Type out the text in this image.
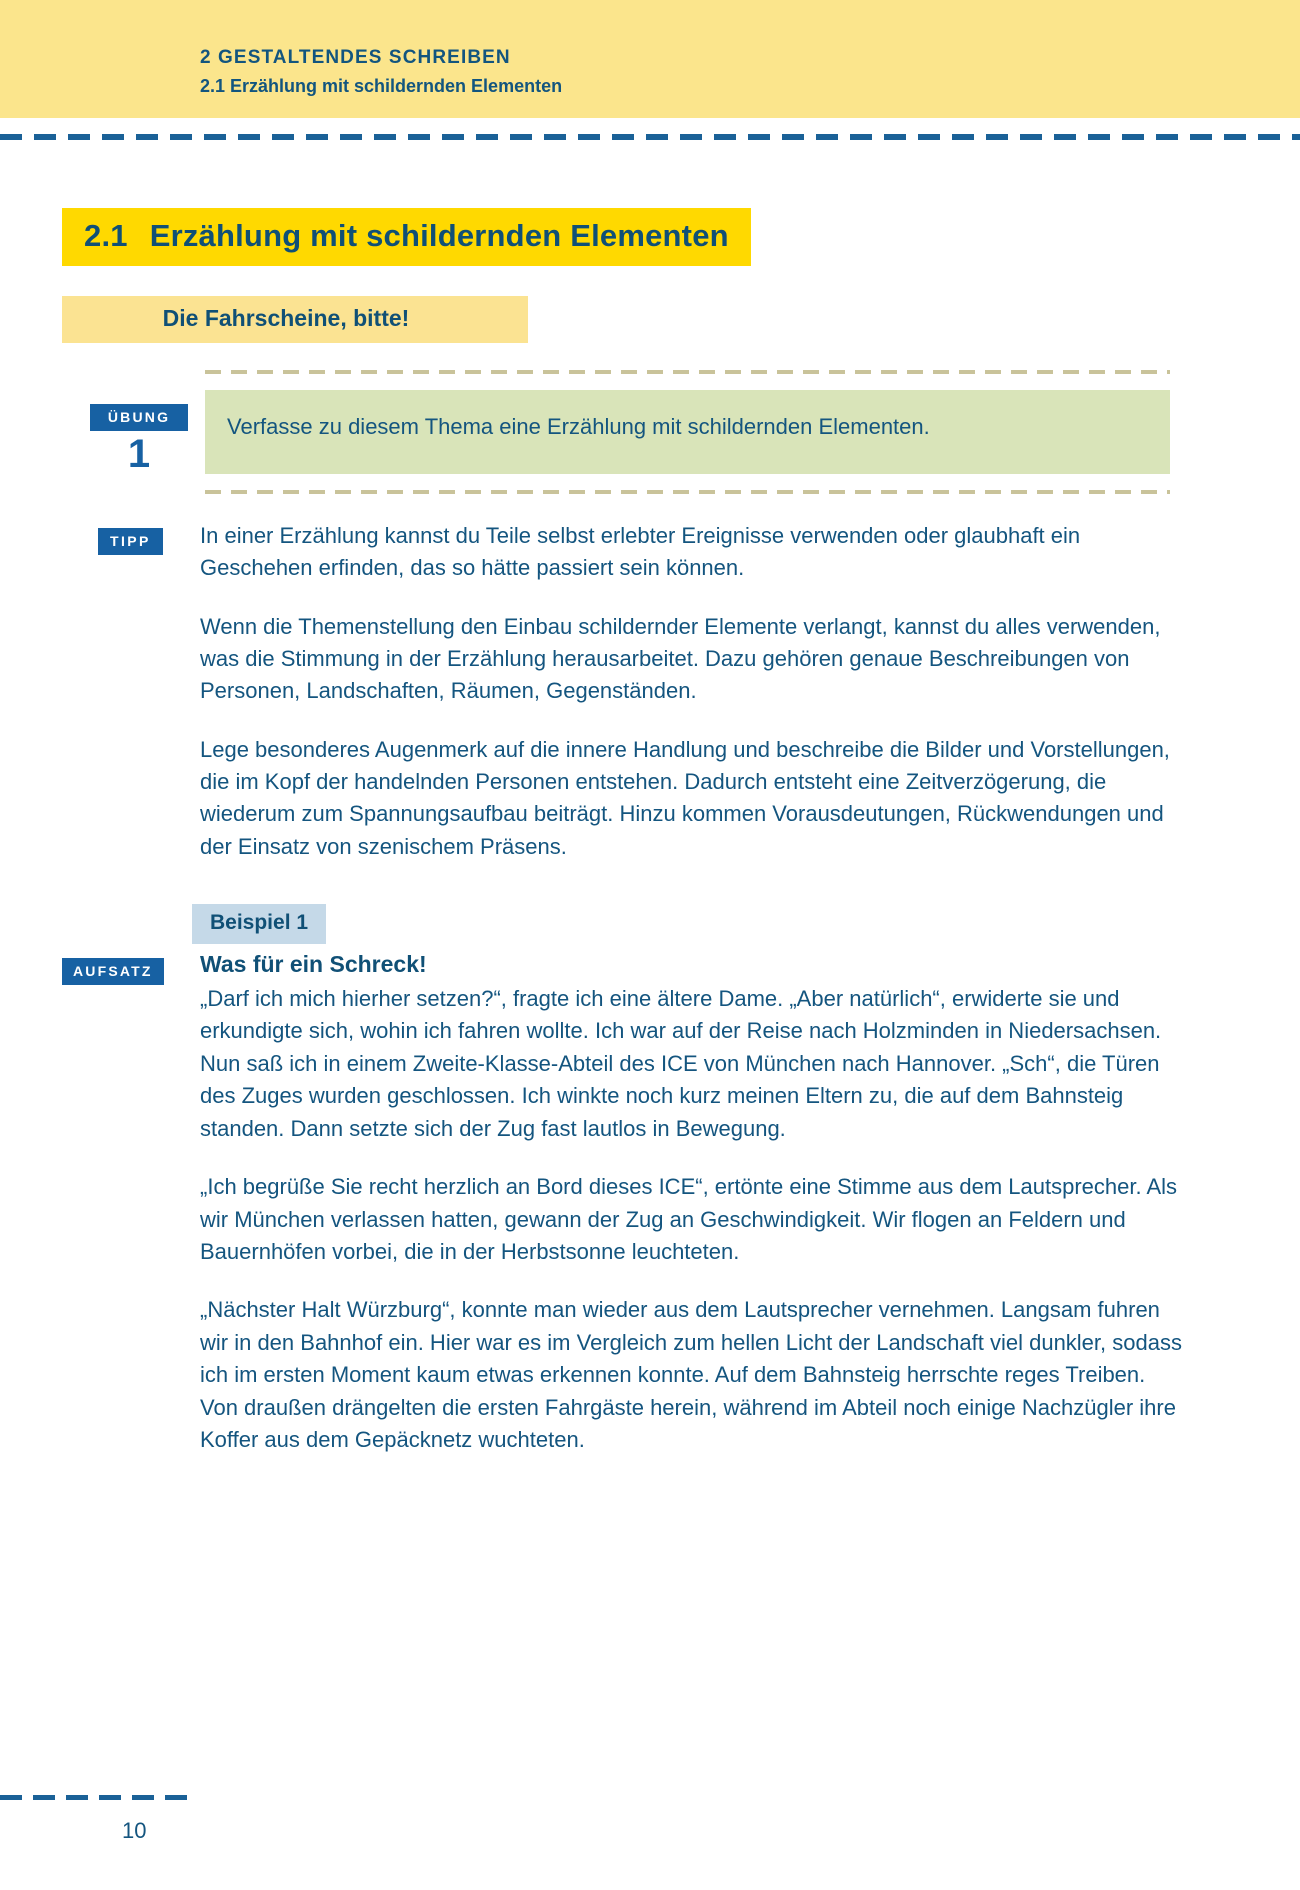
2 GESTALTENDES SCHREIBEN
2.1 Erzählung mit schildernden Elementen
2.1 Erzählung mit schildernden Elementen
Die Fahrscheine, bitte!
ÜBUNG
1
Verfasse zu diesem Thema eine Erzählung mit schildernden Elementen.
TIPP	In einer Erzählung kannst du Teile selbst erlebter Ereignisse verwenden oder glaubhaft ein Geschehen erfinden, das so hätte passiert sein können.

Wenn die Themenstellung den Einbau schildernder Elemente verlangt, kannst du alles verwenden, was die Stimmung in der Erzählung herausarbeitet. Dazu gehören genaue Beschreibungen von Personen, Landschaften, Räumen, Gegenständen.

Lege besonderes Augenmerk auf die innere Handlung und beschreibe die Bilder und Vorstellungen, die im Kopf der handelnden Personen entstehen. Dadurch entsteht eine Zeitverzögerung, die wiederum zum Spannungsaufbau beiträgt. Hinzu kommen Vorausdeutungen, Rückwendungen und der Einsatz von szenischem Präsens.

Beispiel 1
AUFSATZ	Was für ein Schreck!

„Darf ich mich hierher setzen?“, fragte ich eine ältere Dame. „Aber natürlich“, erwiderte sie und erkundigte sich, wohin ich fahren wollte. Ich war auf der Reise nach Holzminden in Niedersachsen. Nun saß ich in einem Zweite-Klasse-Abteil des ICE von München nach Hannover. „Sch“, die Türen des Zuges wurden geschlossen. Ich winkte noch kurz meinen Eltern zu, die auf dem Bahnsteig standen. Dann setzte sich der Zug fast lautlos in Bewegung.

„Ich begrüße Sie recht herzlich an Bord dieses ICE“, ertönte eine Stimme aus dem Lautsprecher. Als wir München verlassen hatten, gewann der Zug an Geschwindigkeit. Wir flogen an Feldern und Bauernhöfen vorbei, die in der Herbstsonne leuchteten.

„Nächster Halt Würzburg“, konnte man wieder aus dem Lautsprecher vernehmen. Langsam fuhren wir in den Bahnhof ein. Hier war es im Vergleich zum hellen Licht der Landschaft viel dunkler, sodass ich im ersten Moment kaum etwas erkennen konnte. Auf dem Bahnsteig herrschte reges Treiben. Von draußen drängelten die ersten Fahrgäste herein, während im Abteil noch einige Nachzügler ihre Koffer aus dem Gepäcknetz wuchteten.

10
